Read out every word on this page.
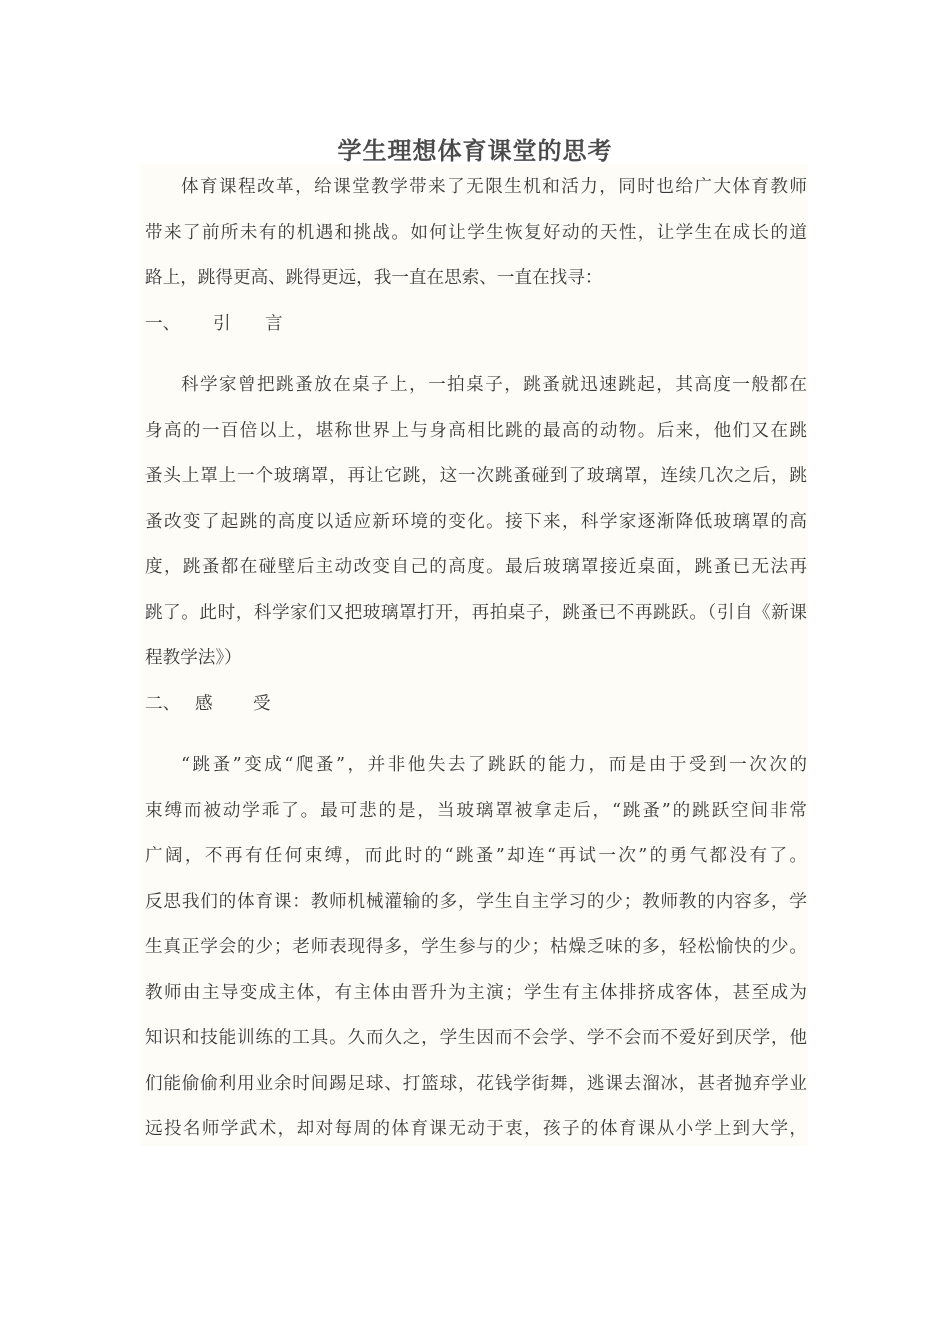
学生理想体育课堂的思考
体育课程改革，给课堂教学带来了无限生机和活力，同时也给广大体育教师
带来了前所未有的机遇和挑战。如何让学生恢复好动的天性，让学生在成长的道
路上，跳得更高、跳得更远，我一直在思索、一直在找寻：
一、 引 言
科学家曾把跳蚤放在桌子上，一拍桌子，跳蚤就迅速跳起，其高度一般都在
身高的一百倍以上，堪称世界上与身高相比跳的最高的动物。后来，他们又在跳
蚤头上罩上一个玻璃罩，再让它跳，这一次跳蚤碰到了玻璃罩，连续几次之后，跳
蚤改变了起跳的高度以适应新环境的变化。接下来，科学家逐渐降低玻璃罩的高
度，跳蚤都在碰壁后主动改变自己的高度。最后玻璃罩接近桌面，跳蚤已无法再
跳了。此时，科学家们又把玻璃罩打开，再拍桌子，跳蚤已不再跳跃。（引自《新课
程教学法》）
二、 感 受
“跳蚤”变成“爬蚤”，并非他失去了跳跃的能力，而是由于受到一次次的
束缚而被动学乖了。最可悲的是，当玻璃罩被拿走后，“跳蚤”的跳跃空间非常
广阔，不再有任何束缚，而此时的“跳蚤”却连“再试一次”的勇气都没有了。
反思我们的体育课：教师机械灌输的多，学生自主学习的少；教师教的内容多，学
生真正学会的少；老师表现得多，学生参与的少；枯燥乏味的多，轻松愉快的少。
教师由主导变成主体，有主体由晋升为主演；学生有主体排挤成客体，甚至成为
知识和技能训练的工具。久而久之，学生因而不会学、学不会而不爱好到厌学，他
们能偷偷利用业余时间踢足球、打篮球，花钱学街舞，逃课去溜冰，甚者抛弃学业
远投名师学武术，却对每周的体育课无动于衷，孩子的体育课从小学上到大学，
